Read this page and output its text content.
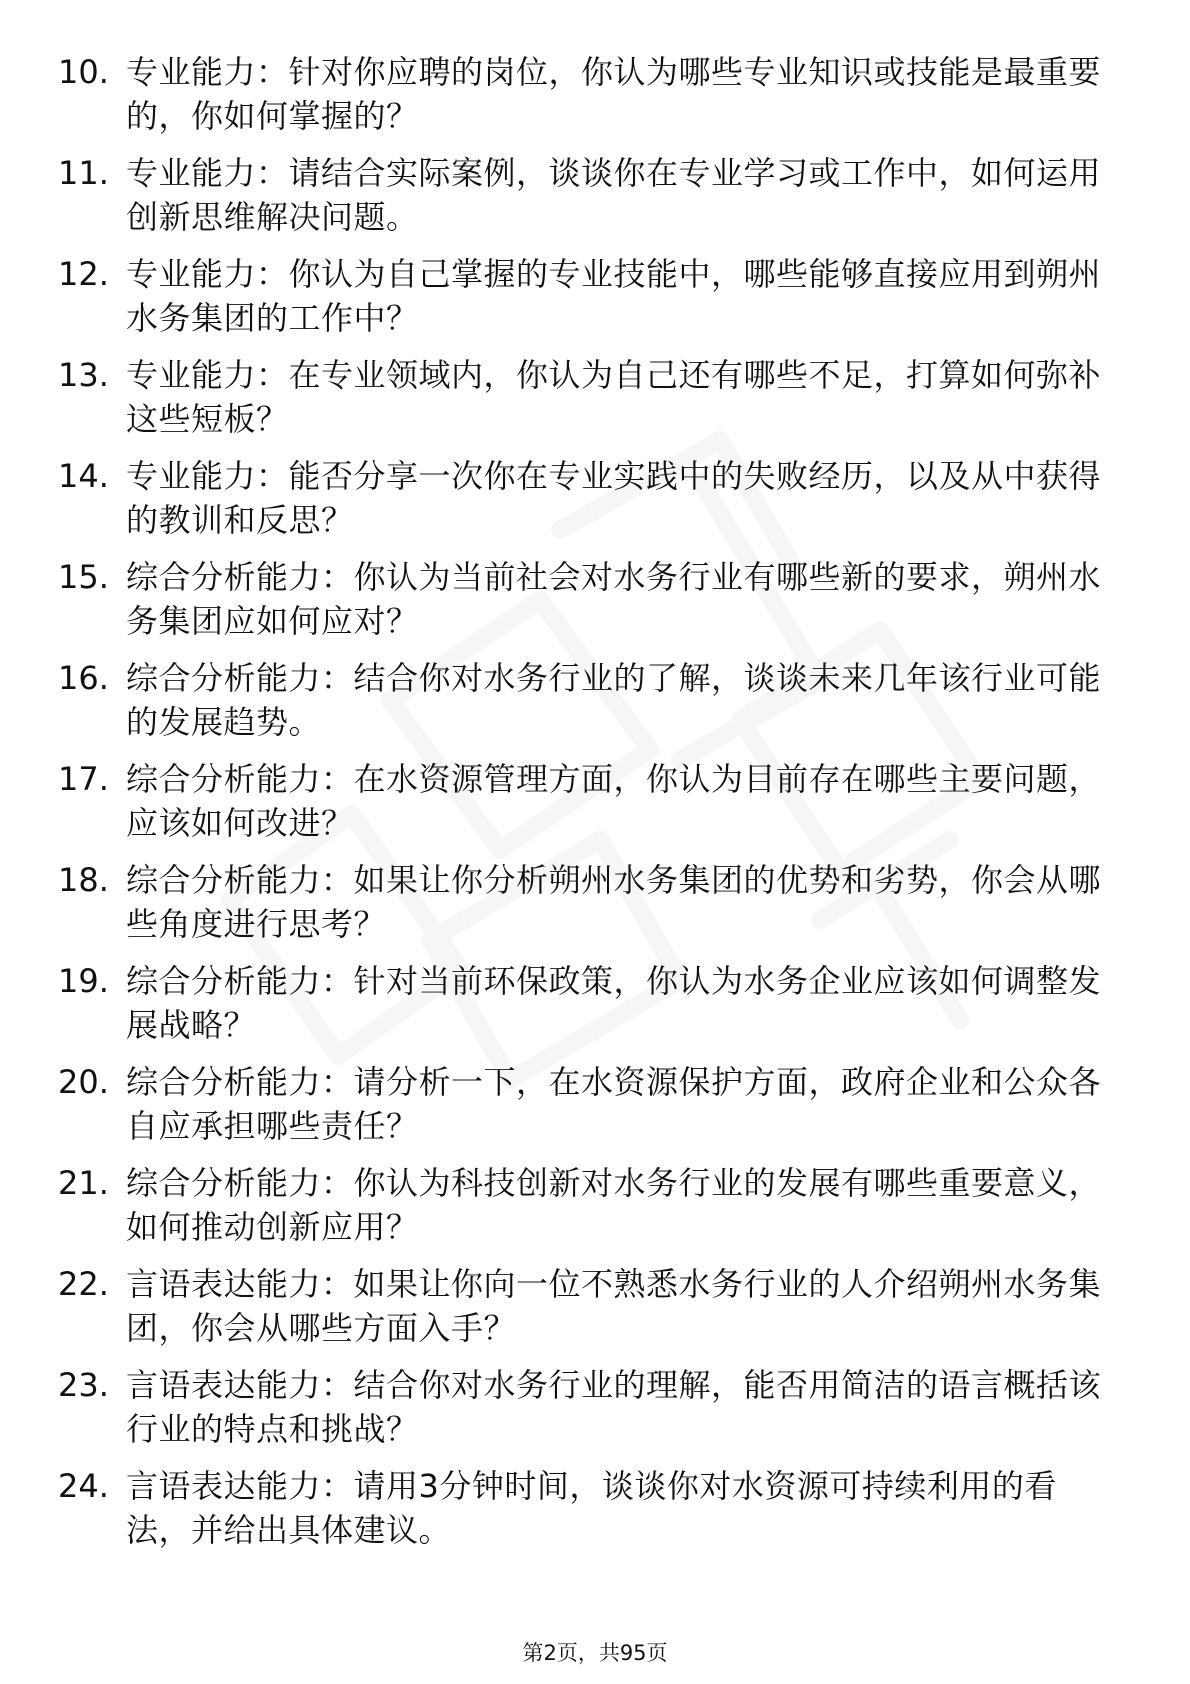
10. 专业能力：针对你应聘的岗位，你认为哪些专业知识或技能是最重要的，你如何掌握的？
11. 专业能力：请结合实际案例，谈谈你在专业学习或工作中，如何运用创新思维解决问题。
12. 专业能力：你认为自己掌握的专业技能中，哪些能够直接应用到朔州水务集团的工作中？
13. 专业能力：在专业领域内，你认为自己还有哪些不足，打算如何弥补这些短板？
14. 专业能力：能否分享一次你在专业实践中的失败经历，以及从中获得的教训和反思？
15. 综合分析能力：你认为当前社会对水务行业有哪些新的要求，朔州水务集团应如何应对？
16. 综合分析能力：结合你对水务行业的了解，谈谈未来几年该行业可能的发展趋势。
17. 综合分析能力：在水资源管理方面，你认为目前存在哪些主要问题，应该如何改进？
18. 综合分析能力：如果让你分析朔州水务集团的优势和劣势，你会从哪些角度进行思考？
19. 综合分析能力：针对当前环保政策，你认为水务企业应该如何调整发展战略？
20. 综合分析能力：请分析一下，在水资源保护方面，政府企业和公众各自应承担哪些责任？
21. 综合分析能力：你认为科技创新对水务行业的发展有哪些重要意义，如何推动创新应用？
22. 言语表达能力：如果让你向一位不熟悉水务行业的人介绍朔州水务集团，你会从哪些方面入手？
23. 言语表达能力：结合你对水务行业的理解，能否用简洁的语言概括该行业的特点和挑战？
24. 言语表达能力：请用3分钟时间，谈谈你对水资源可持续利用的看法，并给出具体建议。
第2页，共95页
